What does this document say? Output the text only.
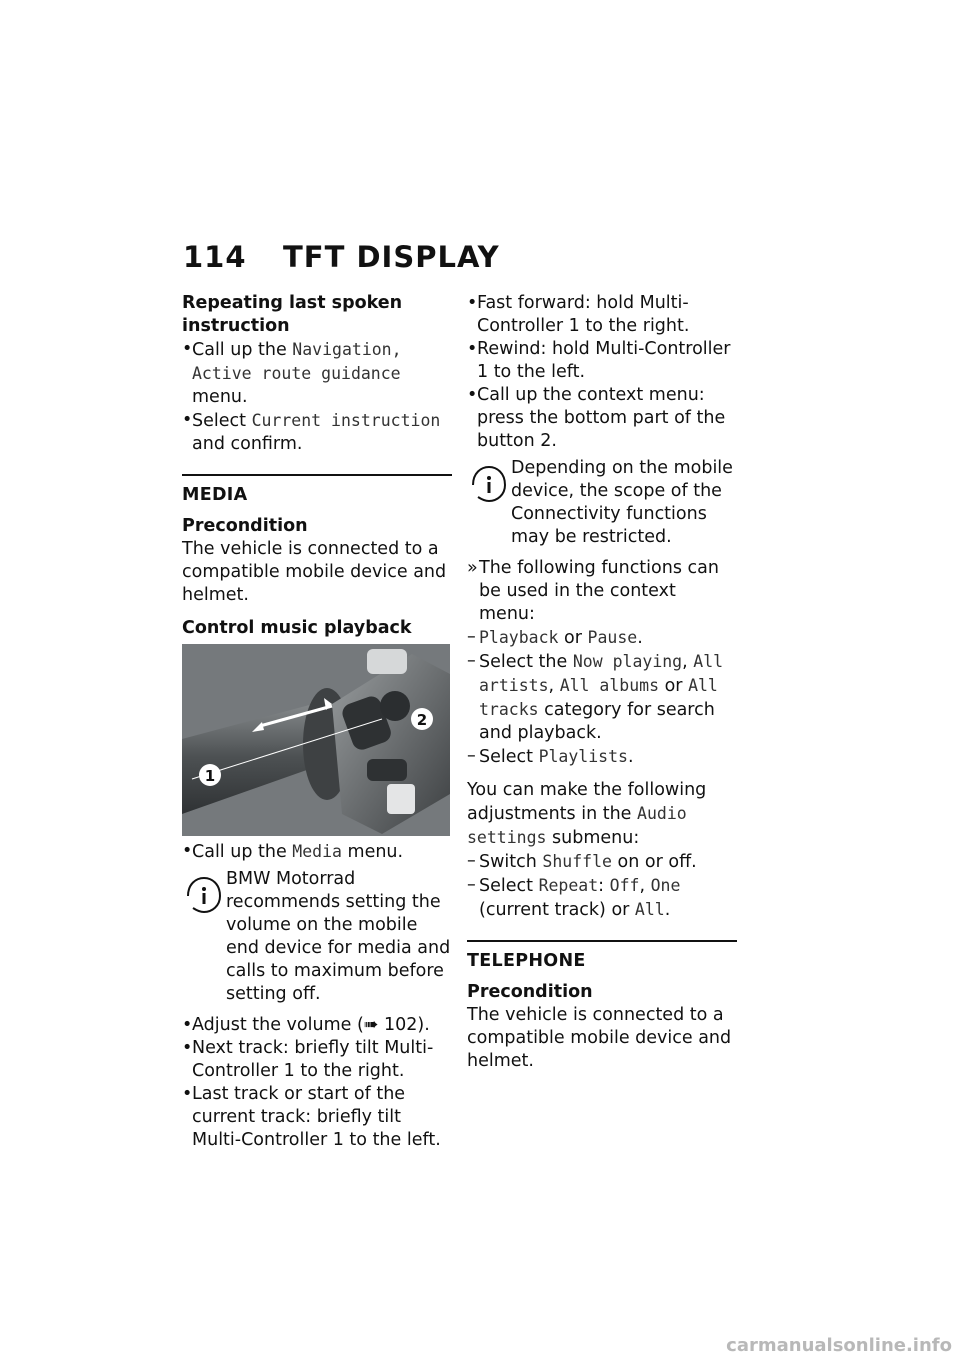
114 TFT DISPLAY

Repeating last spoken instruction

• Call up the Navigation, Active route guidance menu.
• Select Current instruction and confirm.
MEDIA

Precondition

The vehicle is connected to a compatible mobile device and helmet.

Control music playback

1
2
• Call up the Media menu.

BMW Motorrad recommends setting the volume on the mobile end device for media and calls to maximum before setting off.

• Adjust the volume (➠ 102).
• Next track: briefly tilt Multi-Controller 1 to the right.
• Last track or start of the current track: briefly tilt Multi-Controller 1 to the left.
• Fast forward: hold Multi-Controller 1 to the right.
• Rewind: hold Multi-Controller 1 to the left.
• Call up the context menu: press the bottom part of the button 2.

Depending on the mobile device, the scope of the Connectivity functions may be restricted.

» The following functions can be used in the context menu:
– Playback or Pause.
– Select the Now playing, All artists, All albums or All tracks category for search and playback.
– Select Playlists.

You can make the following adjustments in the Audio settings submenu:

– Switch Shuffle on or off.
– Select Repeat: Off, One (current track) or All.
TELEPHONE

Precondition

The vehicle is connected to a compatible mobile device and helmet.

carmanualsonline.info
